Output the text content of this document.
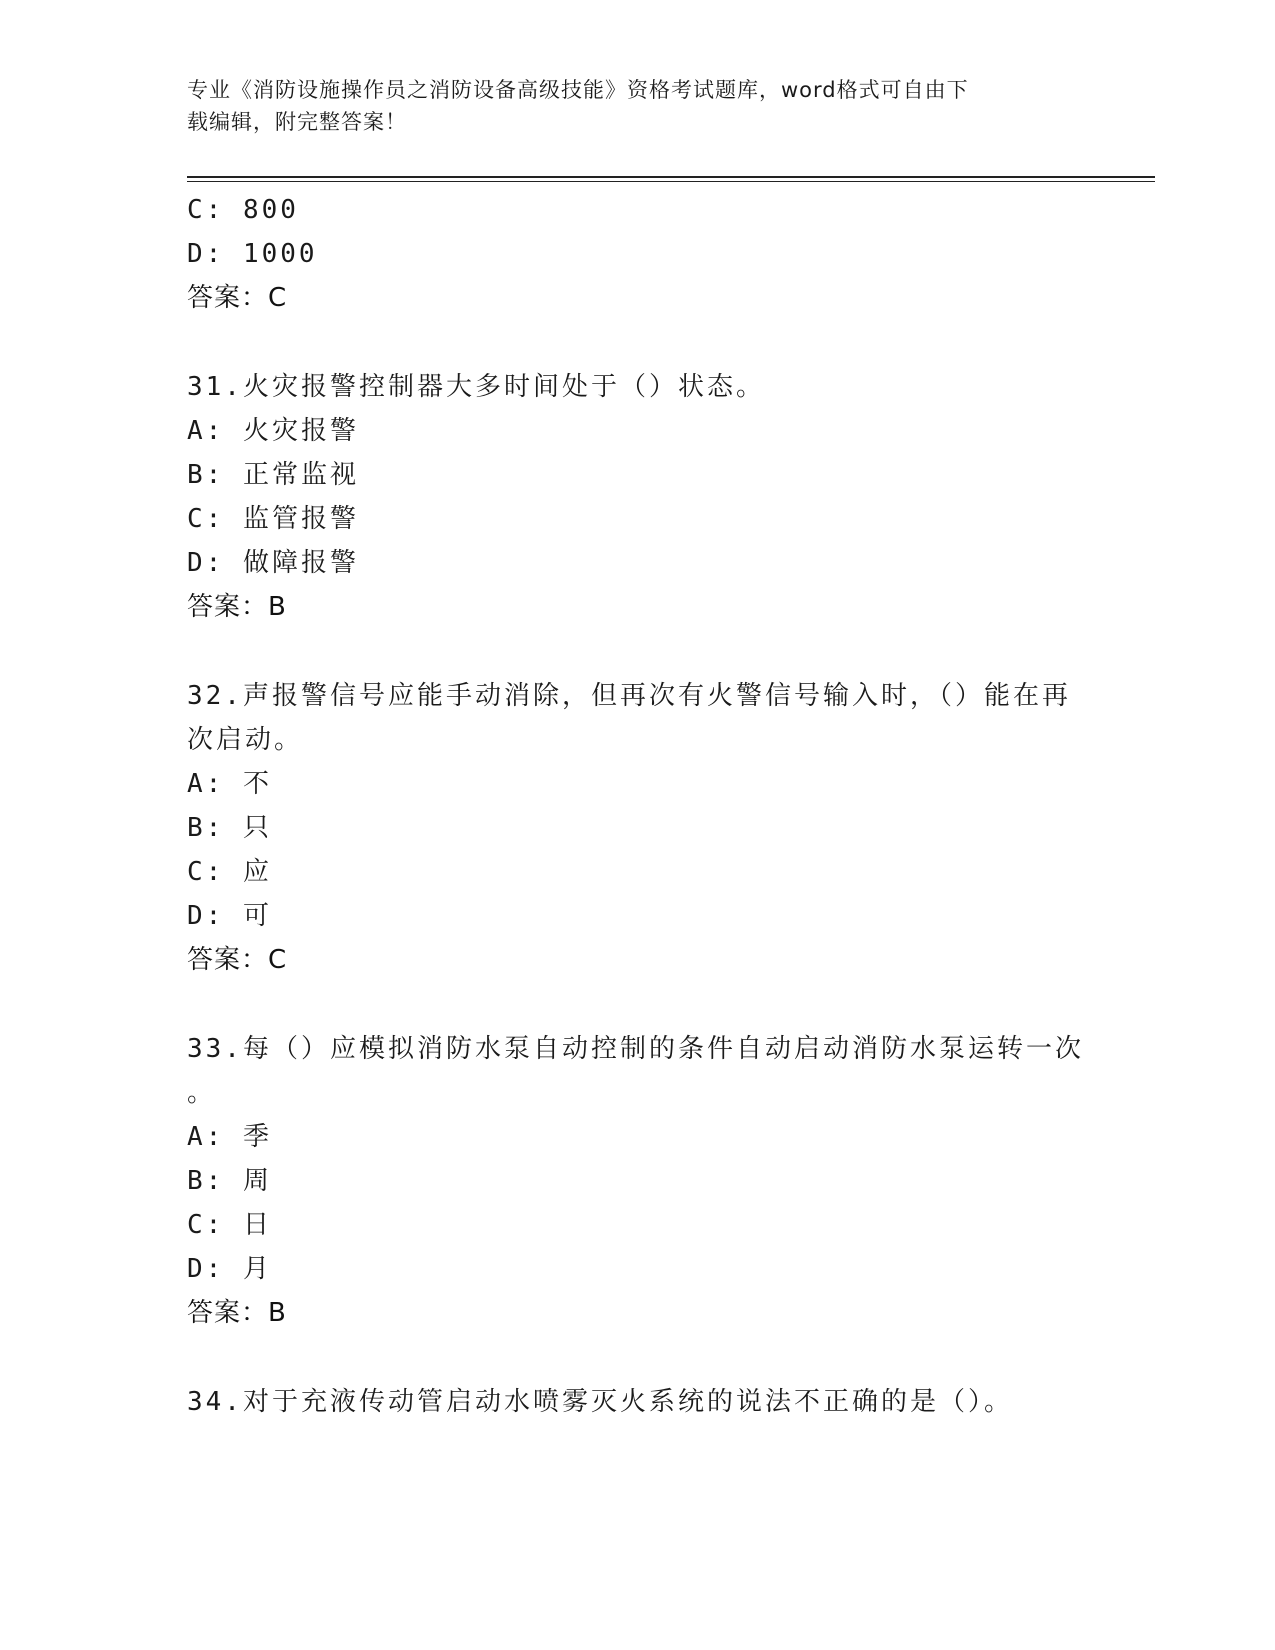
专业《消防设施操作员之消防设备高级技能》资格考试题库，word格式可自由下
载编辑，附完整答案！
C: 800
D: 1000
答案：C
31.火灾报警控制器大多时间处于（）状态。
A: 火灾报警
B: 正常监视
C: 监管报警
D: 做障报警
答案：B
32.声报警信号应能手动消除，但再次有火警信号输入时，（）能在再
次启动。
A: 不
B: 只
C: 应
D: 可
答案：C
33.每（）应模拟消防水泵自动控制的条件自动启动消防水泵运转一次
。
A: 季
B: 周
C: 日
D: 月
答案：B
34.对于充液传动管启动水喷雾灭火系统的说法不正确的是（）。
